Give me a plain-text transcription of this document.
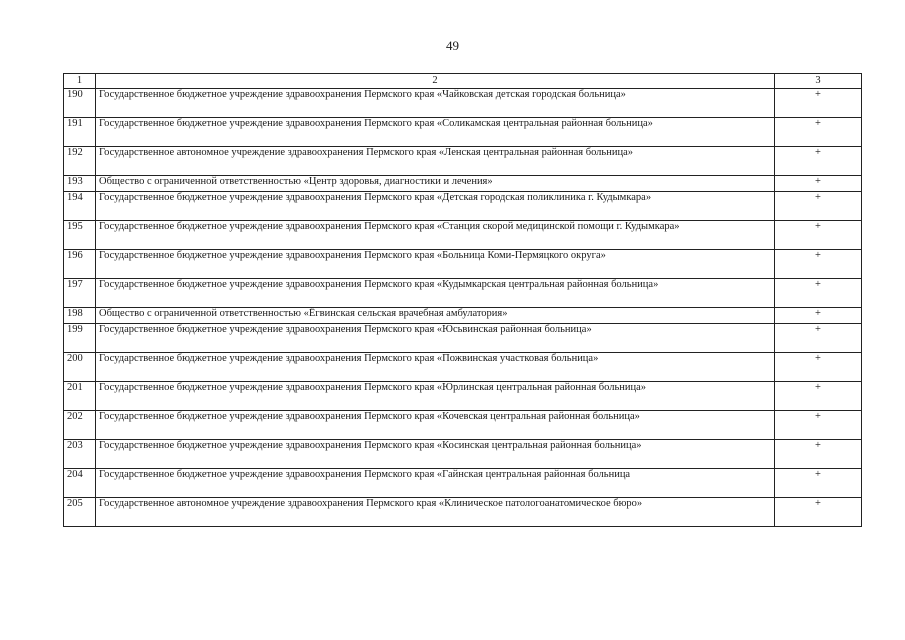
49
1	2	3
190	Государственное бюджетное учреждение здравоохранения Пермского края «Чайковская детская городская больница»	+
191	Государственное бюджетное учреждение здравоохранения Пермского края «Соликамская центральная районная больница»	+
192	Государственное автономное учреждение здравоохранения Пермского края «Ленская центральная районная больница»	+
193	Общество с ограниченной ответственностью «Центр здоровья, диагностики и лечения»	+
194	Государственное бюджетное учреждение здравоохранения Пермского края «Детская городская поликлиника г. Кудымкара»	+
195	Государственное бюджетное учреждение здравоохранения Пермского края «Станция скорой медицинской помощи г. Кудымкара»	+
196	Государственное бюджетное учреждение здравоохранения Пермского края «Больница Коми-Пермяцкого округа»	+
197	Государственное бюджетное учреждение здравоохранения Пермского края «Кудымкарская центральная районная больница»	+
198	Общество с ограниченной ответственностью «Ёгвинская сельская врачебная амбулатория»	+
199	Государственное бюджетное учреждение здравоохранения Пермского края «Юсьвинская районная больница»	+
200	Государственное бюджетное учреждение здравоохранения Пермского края «Пожвинская участковая больница»	+
201	Государственное бюджетное учреждение здравоохранения Пермского края «Юрлинская центральная районная больница»	+
202	Государственное бюджетное учреждение здравоохранения Пермского края «Кочевская центральная районная больница»	+
203	Государственное бюджетное учреждение здравоохранения Пермского края «Косинская центральная районная больница»	+
204	Государственное бюджетное учреждение здравоохранения Пермского края «Гайнская центральная районная больница	+
205	Государственное автономное учреждение здравоохранения Пермского края «Клиническое патологоанатомическое бюро»	+
